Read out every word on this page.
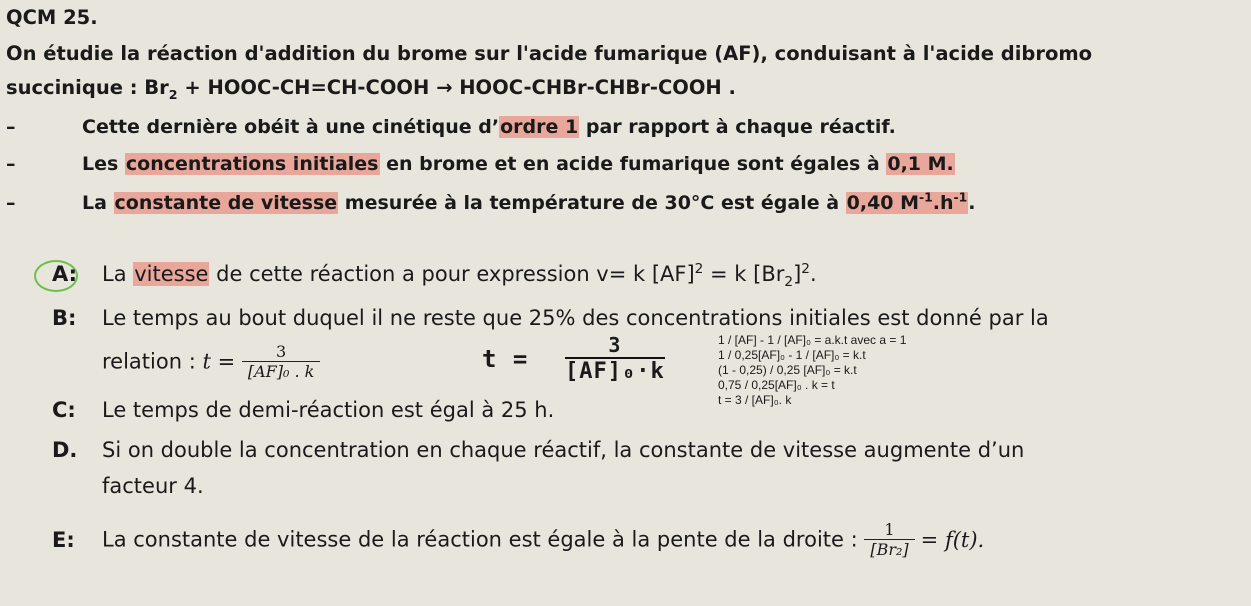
QCM 25.
On étudie la réaction d'addition du brome sur l'acide fumarique (AF), conduisant à l'acide dibromo
succinique : $Br_2$ + HOOC-CH=CH-COOH → HOOC-CHBr-CHBr-COOH .
–	Cette dernière obéit à une cinétique d’ordre 1 par rapport à chaque réactif.
–	Les concentrations initiales en brome et en acide fumarique sont égales à 0,1 M.
–	La constante de vitesse mesurée à la température de 30°C est égale à 0,40 $M^{-1}.h^{-1}$.
A: La vitesse de cette réaction a pour expression v= k [AF]$^2$ = k $[Br_2]^2$.
B: Le temps au bout duquel il ne reste que 25% des concentrations initiales est donné par la
relation : $t = \frac{3}{\text{[AF]₀ . k}}$	t =	3
[AF]₀·k
1 / [AF] - 1 / [AF]₀ = a.k.t avec a = 1
1 / 0,25[AF]₀ - 1 / [AF]₀ = k.t
(1 - 0,25) / 0,25 [AF]₀ = k.t
0,75 / 0,25[AF]₀ . k = t
t = 3 / [AF]₀. k
C: Le temps de demi-réaction est égal à 25 h.
D. Si on double la concentration en chaque réactif, la constante de vitesse augmente d’un
facteur 4.
E: La constante de vitesse de la réaction est égale à la pente de la droite : $\frac{1}{\text{[Br₂]}} = f(t)$.
